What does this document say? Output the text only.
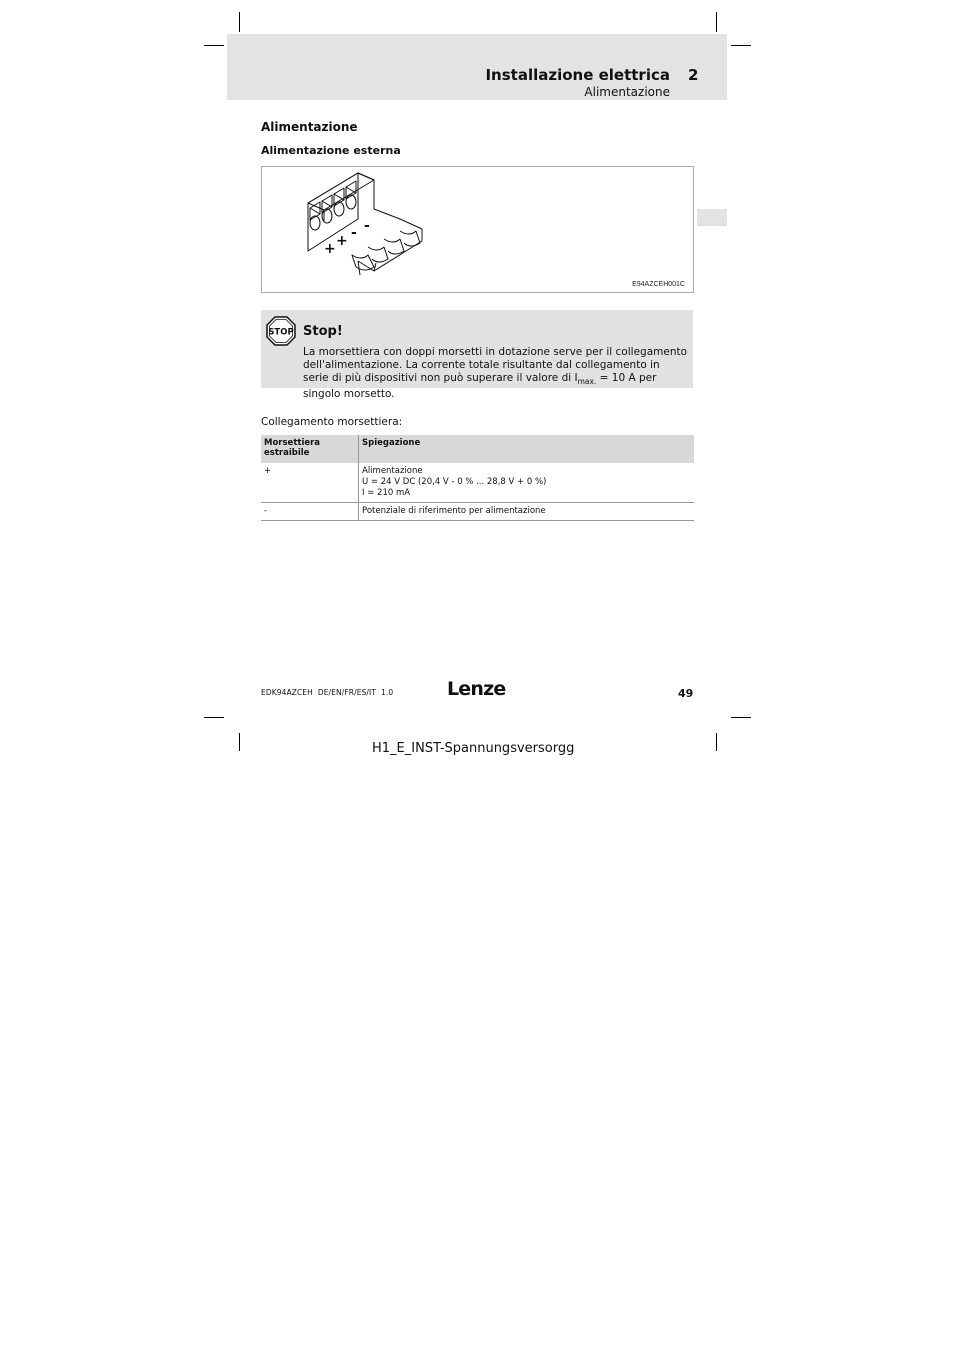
Installazione elettrica 2
Alimentazione
Alimentazione
Alimentazione esterna
+ + - -
E94AZCEH001C
STOP Stop!
La morsettiera con doppi morsetti in dotazione serve per il collegamento dell'alimentazione. La corrente totale risultante dal collegamento in serie di più dispositivi non può superare il valore di $I_{max.} = 10$ A per singolo morsetto.
Collegamento morsettiera:
Morsettiera estraibile	Spiegazione
+	Alimentazione
U = 24 V DC (20,4 V - 0 % ... 28,8 V + 0 %)
I = 210 mA

-	Potenziale di riferimento per alimentazione
EDK94AZCEH  DE/EN/FR/ES/IT  1.0	Lenze	49
H1_E_INST-Spannungsversorgg
